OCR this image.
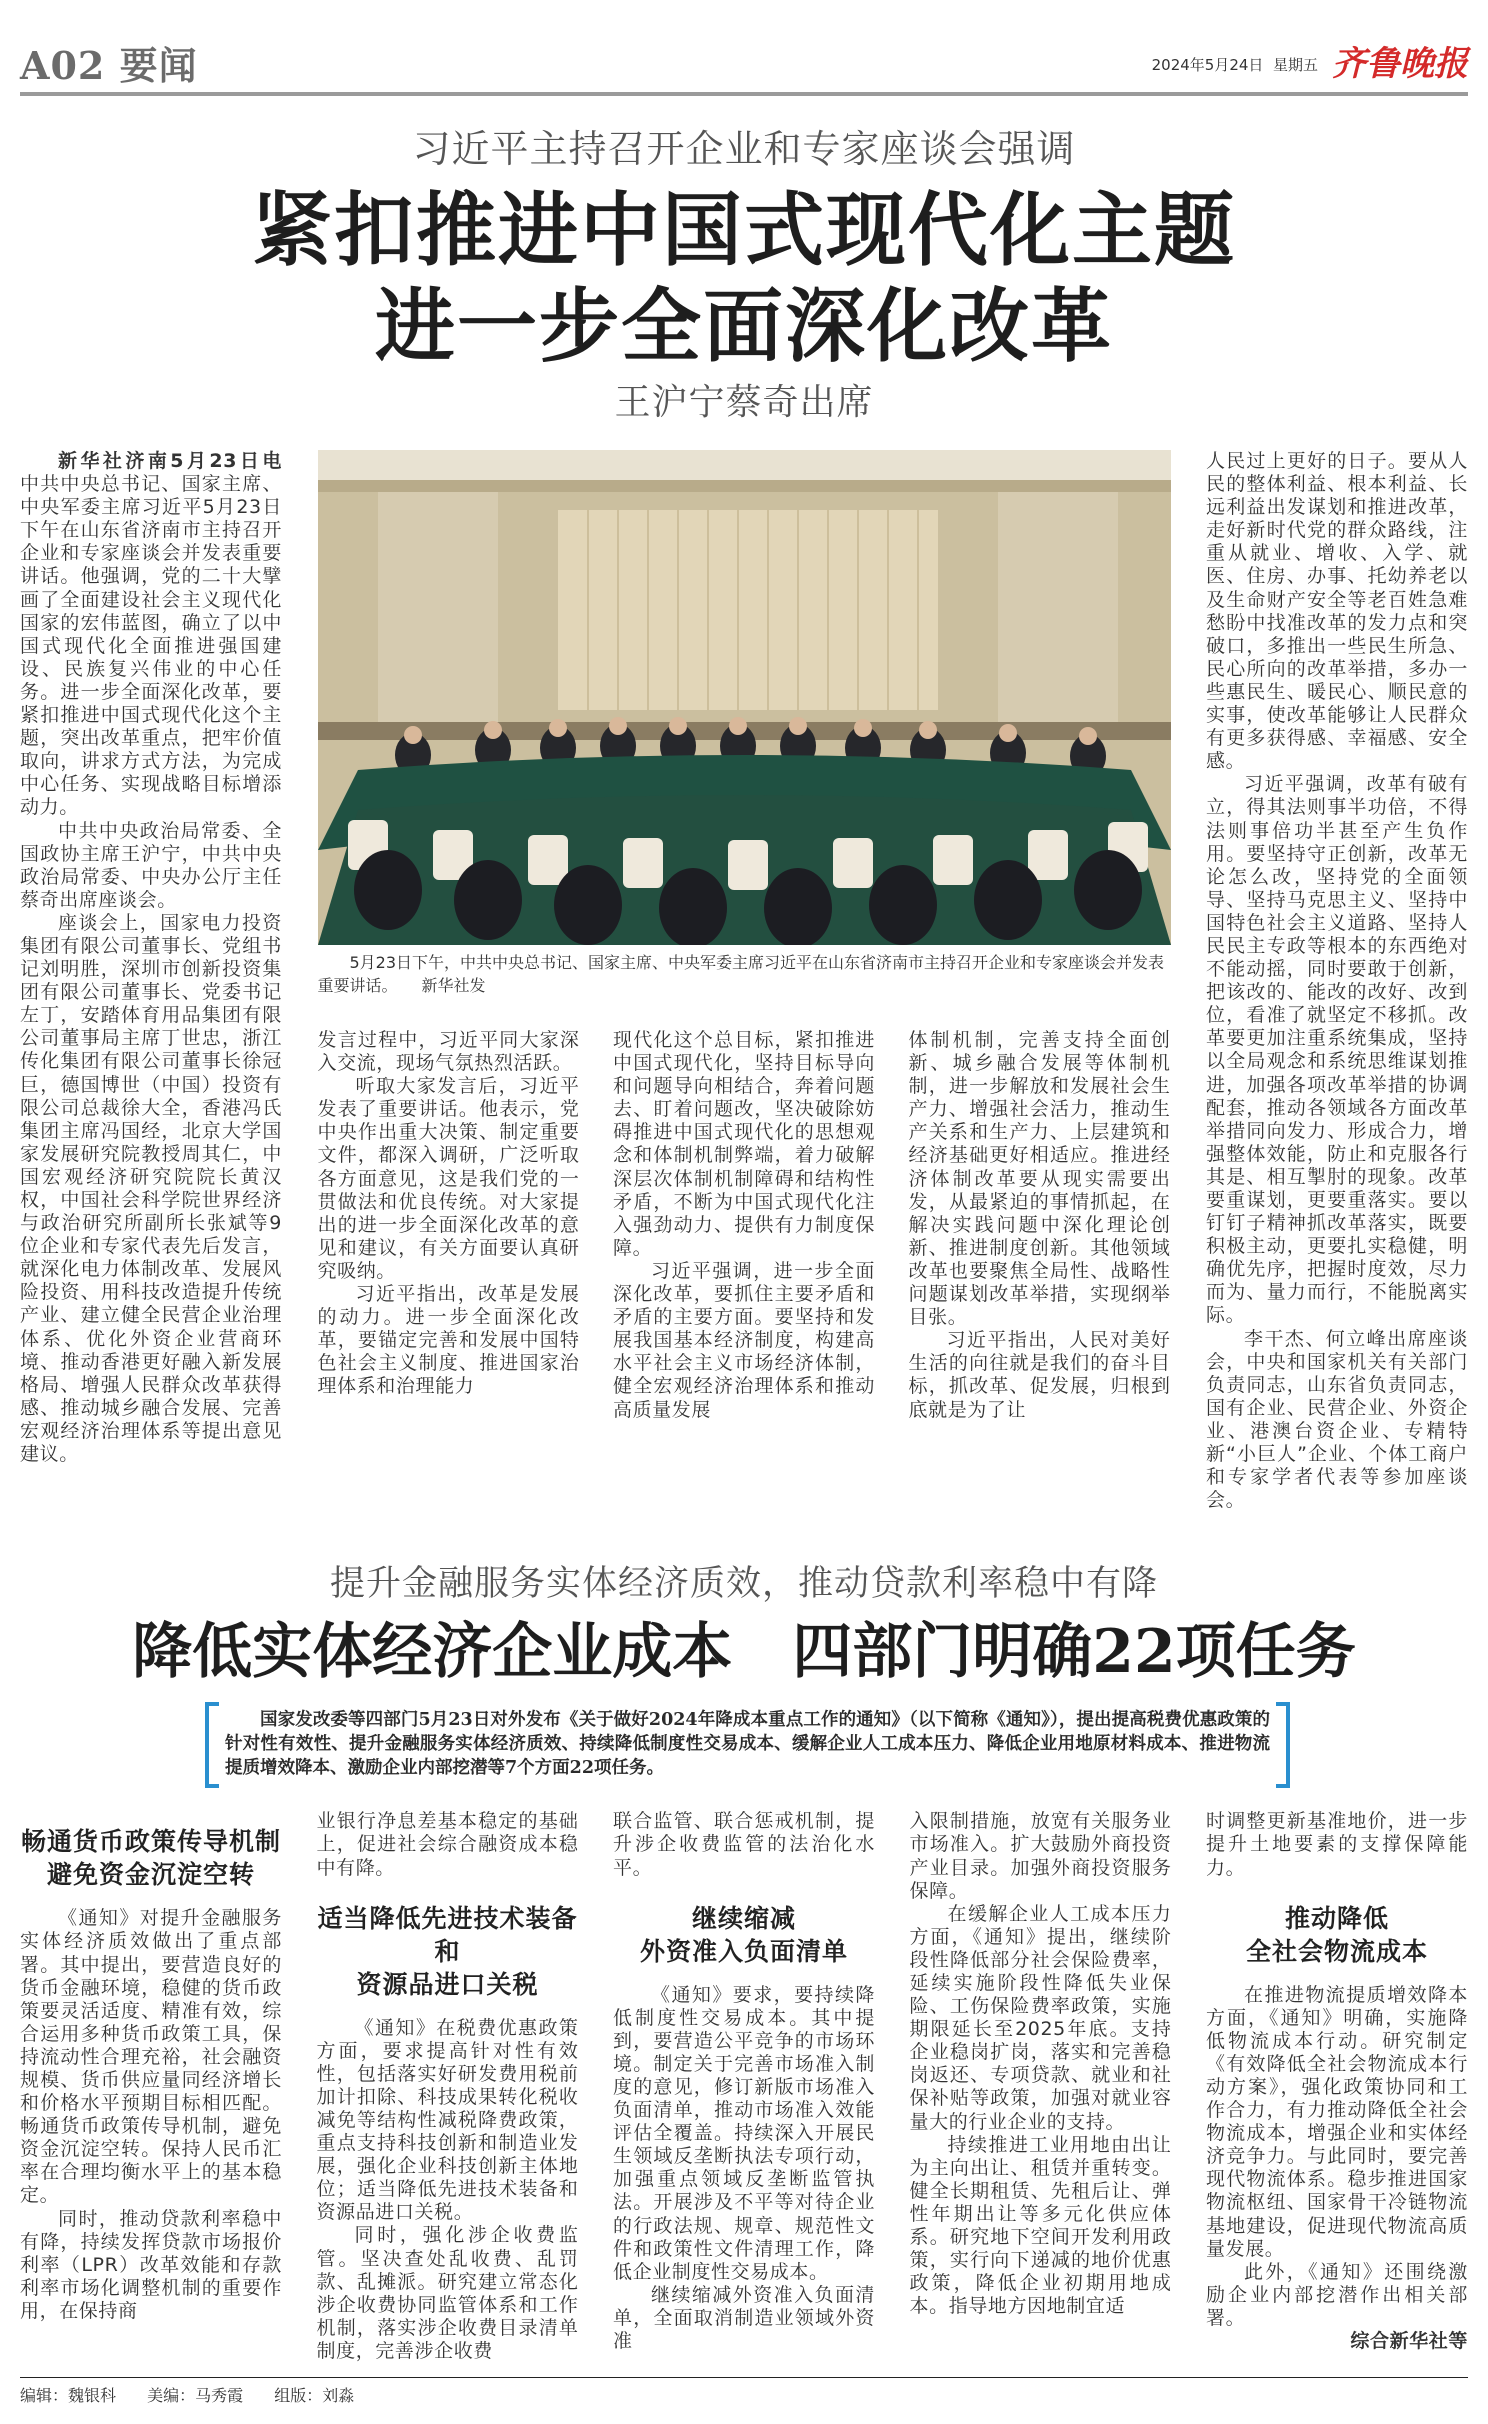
A02 要闻	2024年5月24日 星期五 齐鲁晚报
习近平主持召开企业和专家座谈会强调
紧扣推进中国式现代化主题
进一步全面深化改革
王沪宁蔡奇出席

新华社济南5月23日电　中共中央总书记、国家主席、中央军委主席习近平5月23日下午在山东省济南市主持召开企业和专家座谈会并发表重要讲话。他强调，党的二十大擘画了全面建设社会主义现代化国家的宏伟蓝图，确立了以中国式现代化全面推进强国建设、民族复兴伟业的中心任务。进一步全面深化改革，要紧扣推进中国式现代化这个主题，突出改革重点，把牢价值取向，讲求方式方法，为完成中心任务、实现战略目标增添动力。

中共中央政治局常委、全国政协主席王沪宁，中共中央政治局常委、中央办公厅主任蔡奇出席座谈会。

座谈会上，国家电力投资集团有限公司董事长、党组书记刘明胜，深圳市创新投资集团有限公司董事长、党委书记左丁，安踏体育用品集团有限公司董事局主席丁世忠，浙江传化集团有限公司董事长徐冠巨，德国博世（中国）投资有限公司总裁徐大全，香港冯氏集团主席冯国经，北京大学国家发展研究院教授周其仁，中国宏观经济研究院院长黄汉权，中国社会科学院世界经济与政治研究所副所长张斌等9位企业和专家代表先后发言，就深化电力体制改革、发展风险投资、用科技改造提升传统产业、建立健全民营企业治理体系、优化外资企业营商环境、推动香港更好融入新发展格局、增强人民群众改革获得感、推动城乡融合发展、完善宏观经济治理体系等提出意见建议。

5月23日下午，中共中央总书记、国家主席、中央军委主席习近平在山东省济南市主持召开企业和专家座谈会并发表重要讲话。　　 新华社发

发言过程中，习近平同大家深入交流，现场气氛热烈活跃。

听取大家发言后，习近平发表了重要讲话。他表示，党中央作出重大决策、制定重要文件，都深入调研，广泛听取各方面意见，这是我们党的一贯做法和优良传统。对大家提出的进一步全面深化改革的意见和建议，有关方面要认真研究吸纳。

习近平指出，改革是发展的动力。进一步全面深化改革，要锚定完善和发展中国特色社会主义制度、推进国家治理体系和治理能力

现代化这个总目标，紧扣推进中国式现代化，坚持目标导向和问题导向相结合，奔着问题去、盯着问题改，坚决破除妨碍推进中国式现代化的思想观念和体制机制弊端，着力破解深层次体制机制障碍和结构性矛盾，不断为中国式现代化注入强劲动力、提供有力制度保障。

习近平强调，进一步全面深化改革，要抓住主要矛盾和矛盾的主要方面。要坚持和发展我国基本经济制度，构建高水平社会主义市场经济体制，健全宏观经济治理体系和推动高质量发展

体制机制，完善支持全面创新、城乡融合发展等体制机制，进一步解放和发展社会生产力、增强社会活力，推动生产关系和生产力、上层建筑和经济基础更好相适应。推进经济体制改革要从现实需要出发，从最紧迫的事情抓起，在解决实践问题中深化理论创新、推进制度创新。其他领域改革也要聚焦全局性、战略性问题谋划改革举措，实现纲举目张。

习近平指出，人民对美好生活的向往就是我们的奋斗目标，抓改革、促发展，归根到底就是为了让

人民过上更好的日子。要从人民的整体利益、根本利益、长远利益出发谋划和推进改革，走好新时代党的群众路线，注重从就业、增收、入学、就医、住房、办事、托幼养老以及生命财产安全等老百姓急难愁盼中找准改革的发力点和突破口，多推出一些民生所急、民心所向的改革举措，多办一些惠民生、暖民心、顺民意的实事，使改革能够让人民群众有更多获得感、幸福感、安全感。

习近平强调，改革有破有立，得其法则事半功倍，不得法则事倍功半甚至产生负作用。要坚持守正创新，改革无论怎么改，坚持党的全面领导、坚持马克思主义、坚持中国特色社会主义道路、坚持人民民主专政等根本的东西绝对不能动摇，同时要敢于创新，把该改的、能改的改好、改到位，看准了就坚定不移抓。改革要更加注重系统集成，坚持以全局观念和系统思维谋划推进，加强各项改革举措的协调配套，推动各领域各方面改革举措同向发力、形成合力，增强整体效能，防止和克服各行其是、相互掣肘的现象。改革要重谋划，更要重落实。要以钉钉子精神抓改革落实，既要积极主动，更要扎实稳健，明确优先序，把握时度效，尽力而为、量力而行，不能脱离实际。

李干杰、何立峰出席座谈会，中央和国家机关有关部门负责同志，山东省负责同志，国有企业、民营企业、外资企业、港澳台资企业、专精特新“小巨人”企业、个体工商户和专家学者代表等参加座谈会。

提升金融服务实体经济质效，推动贷款利率稳中有降
降低实体经济企业成本　四部门明确22项任务
国家发改委等四部门5月23日对外发布《关于做好2024年降成本重点工作的通知》（以下简称《通知》），提出提高税费优惠政策的针对性有效性、提升金融服务实体经济质效、持续降低制度性交易成本、缓解企业人工成本压力、降低企业用地原材料成本、推进物流提质增效降本、激励企业内部挖潜等7个方面22项任务。
畅通货币政策传导机制
避免资金沉淀空转

《通知》对提升金融服务实体经济质效做出了重点部署。其中提出，要营造良好的货币金融环境，稳健的货币政策要灵活适度、精准有效，综合运用多种货币政策工具，保持流动性合理充裕，社会融资规模、货币供应量同经济增长和价格水平预期目标相匹配。畅通货币政策传导机制，避免资金沉淀空转。保持人民币汇率在合理均衡水平上的基本稳定。

同时，推动贷款利率稳中有降，持续发挥贷款市场报价利率（LPR）改革效能和存款利率市场化调整机制的重要作用，在保持商

业银行净息差基本稳定的基础上，促进社会综合融资成本稳中有降。

适当降低先进技术装备和
资源品进口关税

《通知》在税费优惠政策方面，要求提高针对性有效性，包括落实好研发费用税前加计扣除、科技成果转化税收减免等结构性减税降费政策，重点支持科技创新和制造业发展，强化企业科技创新主体地位；适当降低先进技术装备和资源品进口关税。

同时，强化涉企收费监管。坚决查处乱收费、乱罚款、乱摊派。研究建立常态化涉企收费协同监管体系和工作机制，落实涉企收费目录清单制度，完善涉企收费

联合监管、联合惩戒机制，提升涉企收费监管的法治化水平。

继续缩减
外资准入负面清单

《通知》要求，要持续降低制度性交易成本。其中提到，要营造公平竞争的市场环境。制定关于完善市场准入制度的意见，修订新版市场准入负面清单，推动市场准入效能评估全覆盖。持续深入开展民生领域反垄断执法专项行动，加强重点领域反垄断监管执法。开展涉及不平等对待企业的行政法规、规章、规范性文件和政策性文件清理工作，降低企业制度性交易成本。

继续缩减外资准入负面清单，全面取消制造业领域外资准

入限制措施，放宽有关服务业市场准入。扩大鼓励外商投资产业目录。加强外商投资服务保障。

在缓解企业人工成本压力方面，《通知》提出，继续阶段性降低部分社会保险费率，延续实施阶段性降低失业保险、工伤保险费率政策，实施期限延长至2025年底。支持企业稳岗扩岗，落实和完善稳岗返还、专项贷款、就业和社保补贴等政策，加强对就业容量大的行业企业的支持。

持续推进工业用地由出让为主向出让、租赁并重转变。健全长期租赁、先租后让、弹性年期出让等多元化供应体系。研究地下空间开发利用政策，实行向下递减的地价优惠政策，降低企业初期用地成本。指导地方因地制宜适

时调整更新基准地价，进一步提升土地要素的支撑保障能力。

推动降低
全社会物流成本

在推进物流提质增效降本方面，《通知》明确，实施降低物流成本行动。研究制定《有效降低全社会物流成本行动方案》，强化政策协同和工作合力，有力推动降低全社会物流成本，增强企业和实体经济竞争力。与此同时，要完善现代物流体系。稳步推进国家物流枢纽、国家骨干冷链物流基地建设，促进现代物流高质量发展。

此外，《通知》还围绕激励企业内部挖潜作出相关部署。

综合新华社等
编辑：魏银科 美编：马秀霞 组版：刘淼
